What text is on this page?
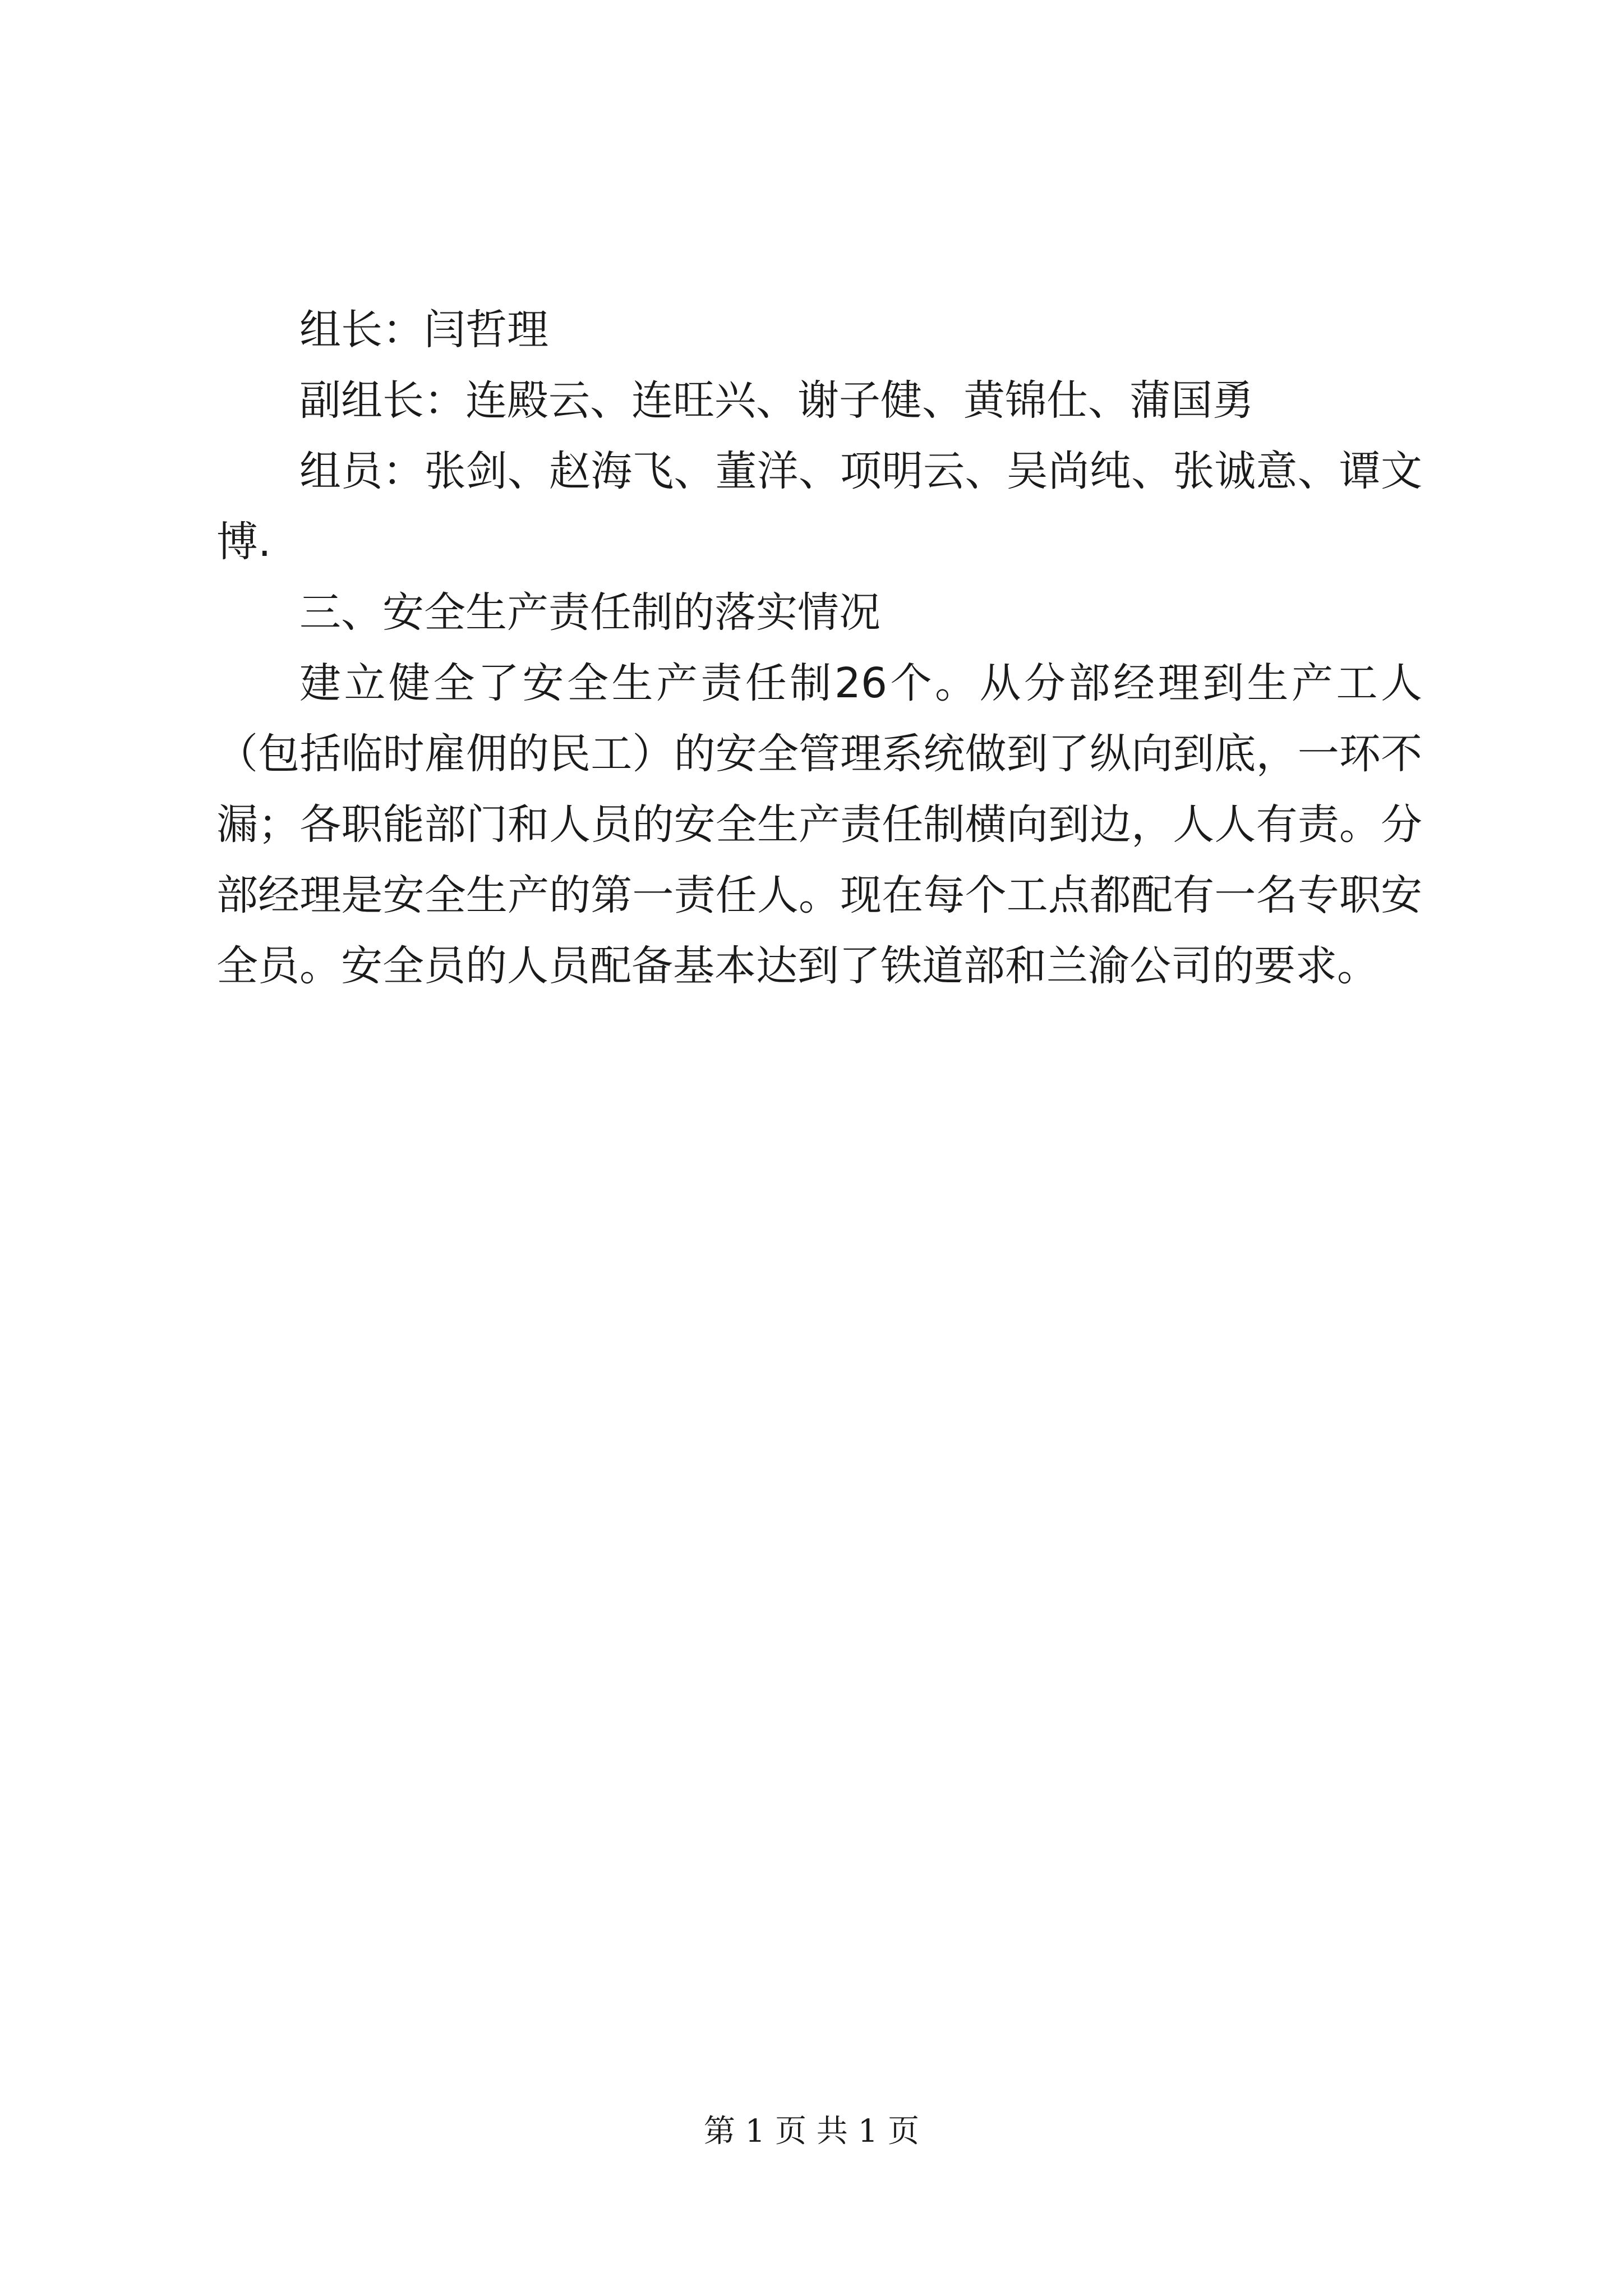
组长：闫哲理

副组长：连殿云、连旺兴、谢子健、黄锦仕、蒲国勇

组员：张剑、赵海飞、董洋、项明云、吴尚纯、张诚意、谭文博.

三、安全生产责任制的落实情况

建立健全了安全生产责任制26个。从分部经理到生产工人（包括临时雇佣的民工）的安全管理系统做到了纵向到底，一环不漏；各职能部门和人员的安全生产责任制横向到边，人人有责。分部经理是安全生产的第一责任人。现在每个工点都配有一名专职安全员。安全员的人员配备基本达到了铁道部和兰渝公司的要求。

第 1 页 共 1 页
